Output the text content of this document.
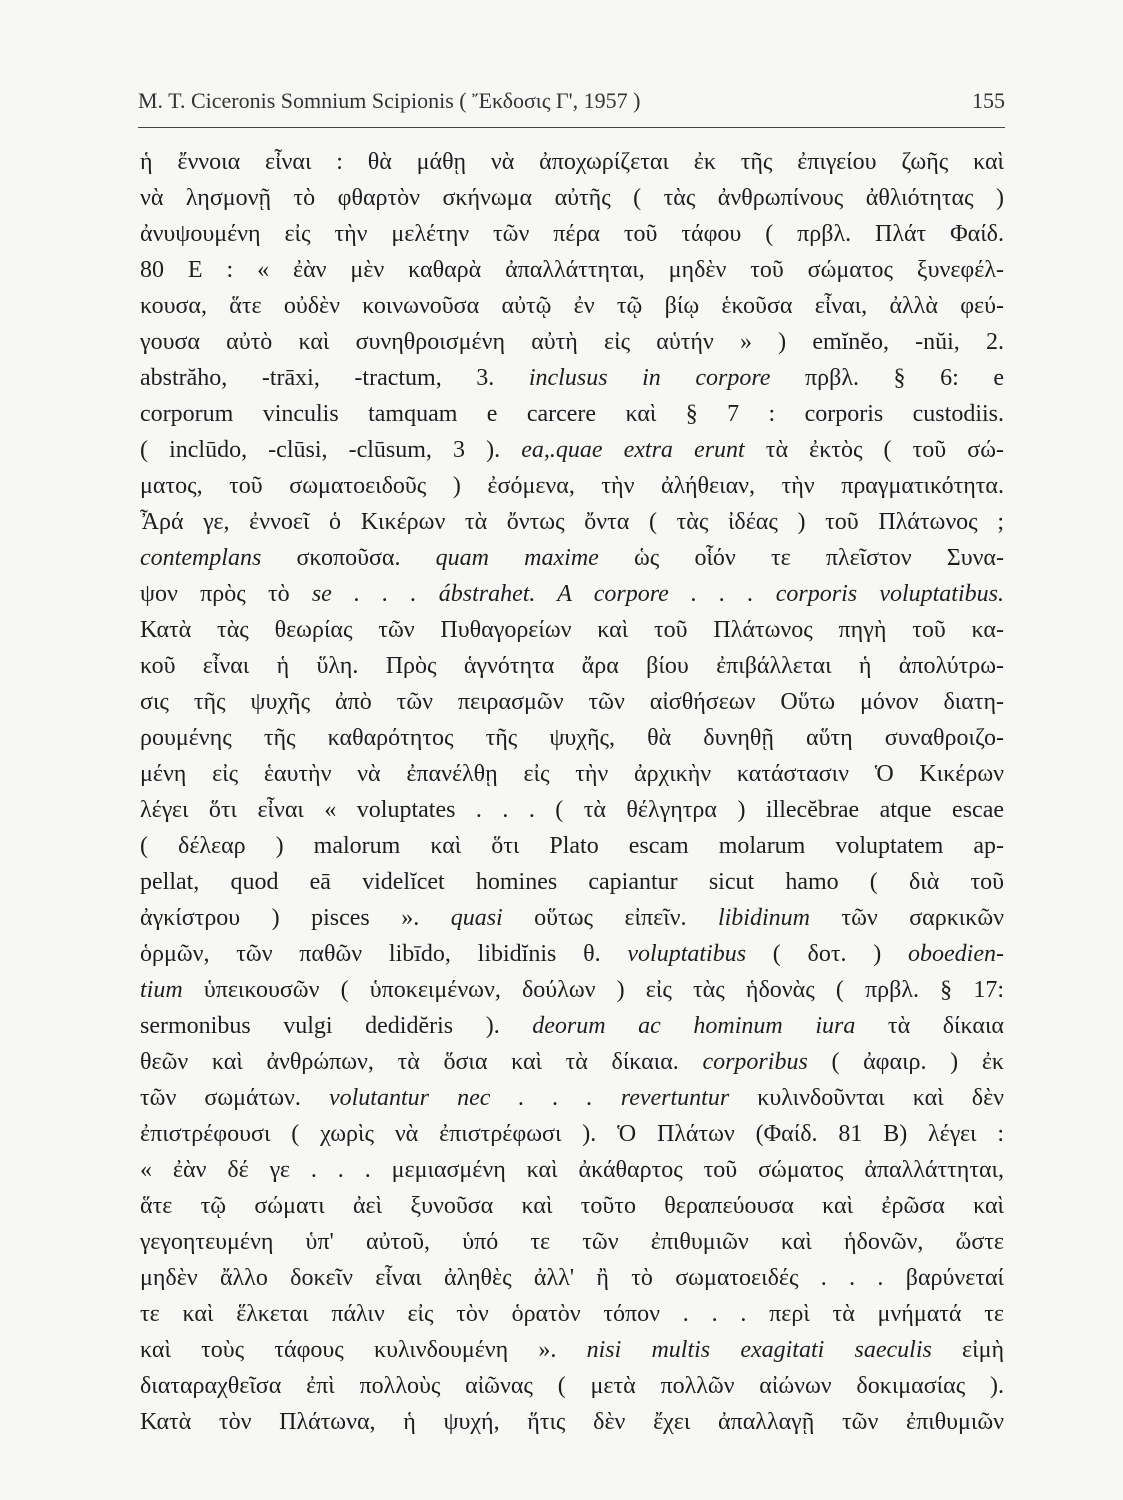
M. T. Ciceronis Somnium Scipionis ( Ἔκδοσις Γ', 1957 )	155
ἡ ἔννοια εἶναι : θὰ μάθῃ νὰ ἀποχωρίζεται ἐκ τῆς ἐπιγείου ζωῆς καὶ
νὰ λησμονῇ τὸ φθαρτὸν σκήνωμα αὐτῆς ( τὰς ἀνθρωπίνους ἀθλιότητας )
ἀνυψουμένη εἰς τὴν μελέτην τῶν πέρα τοῦ τάφου ( πρβλ. Πλάτ Φαίδ.
80 Ε : « ἐὰν μὲν καθαρὰ ἀπαλλάττηται, μηδὲν τοῦ σώματος ξυνεφέλ-
κουσα, ἅτε οὐδὲν κοινωνοῦσα αὐτῷ ἐν τῷ βίῳ ἑκοῦσα εἶναι, ἀλλὰ φεύ-
γουσα αὐτὸ καὶ συνηθροισμένη αὐτὴ εἰς αὑτήν » ) emĭnĕo, -nŭi, 2.
abstrăho, -trāxi, -tractum, 3. inclusus in corpore πρβλ. § 6: e
corporum vinculis tamquam e carcere καὶ § 7 : corporis custodiis.
( inclūdo, -clūsi, -clūsum, 3 ). ea,.quae extra erunt τὰ ἐκτὸς ( τοῦ σώ-
ματος, τοῦ σωματοειδοῦς ) ἐσόμενα, τὴν ἀλήθειαν, τὴν πραγματικότητα.
Ἆρά γε, ἐννοεῖ ὁ Κικέρων τὰ ὄντως ὄντα ( τὰς ἰδέας ) τοῦ Πλάτωνος ;
contemplans σκοποῦσα. quam maxime ὡς οἷόν τε πλεῖστον Συνα-
ψον πρὸς τὸ se . . . ábstrahet. A corpore . . . corporis voluptatibus.
Κατὰ τὰς θεωρίας τῶν Πυθαγορείων καὶ τοῦ Πλάτωνος πηγὴ τοῦ κα-
κοῦ εἶναι ἡ ὕλη. Πρὸς ἁγνότητα ἄρα βίου ἐπιβάλλεται ἡ ἀπολύτρω-
σις τῆς ψυχῆς ἀπὸ τῶν πειρασμῶν τῶν αἰσθήσεων Οὕτω μόνον διατη-
ρουμένης τῆς καθαρότητος τῆς ψυχῆς, θὰ δυνηθῇ αὕτη συναθροιζο-
μένη εἰς ἑαυτὴν νὰ ἐπανέλθῃ εἰς τὴν ἀρχικὴν κατάστασιν Ὁ Κικέρων
λέγει ὅτι εἶναι « voluptates . . . ( τὰ θέλγητρα ) illecĕbrae atque escae
( δέλεαρ ) malorum καὶ ὅτι Plato escam molarum voluptatem ap-
pellat, quod eā videlĭcet homines capiantur sicut hamo ( διὰ τοῦ
ἀγκίστρου ) pisces ». quasi οὕτως εἰπεῖν. libidinum τῶν σαρκικῶν
ὁρμῶν, τῶν παθῶν libīdo, libidĭnis θ. voluptatibus ( δοτ. ) oboedien-
tium ὑπεικουσῶν ( ὑποκειμένων, δούλων ) εἰς τὰς ἡδονὰς ( πρβλ. § 17:
sermonibus vulgi dedidĕris ). deorum ac hominum iura τὰ δίκαια
θεῶν καὶ ἀνθρώπων, τὰ ὅσια καὶ τὰ δίκαια. corporibus ( ἀφαιρ. ) ἐκ
τῶν σωμάτων. volutantur nec . . . revertuntur κυλινδοῦνται καὶ δὲν
ἐπιστρέφουσι ( χωρὶς νὰ ἐπιστρέφωσι ). Ὁ Πλάτων (Φαίδ. 81 Β) λέγει :
« ἐὰν δέ γε . . . μεμιασμένη καὶ ἀκάθαρτος τοῦ σώματος ἀπαλλάττηται,
ἅτε τῷ σώματι ἀεὶ ξυνοῦσα καὶ τοῦτο θεραπεύουσα καὶ ἐρῶσα καὶ
γεγοητευμένη ὑπ' αὐτοῦ, ὑπό τε τῶν ἐπιθυμιῶν καὶ ἡδονῶν, ὥστε
μηδὲν ἄλλο δοκεῖν εἶναι ἀληθὲς ἀλλ' ἢ τὸ σωματοειδές . . . βαρύνεταί
τε καὶ ἕλκεται πάλιν εἰς τὸν ὁρατὸν τόπον . . . περὶ τὰ μνήματά τε
καὶ τοὺς τάφους κυλινδουμένη ». nisi multis exagitati saeculis εἰμὴ
διαταραχθεῖσα ἐπὶ πολλοὺς αἰῶνας ( μετὰ πολλῶν αἰώνων δοκιμασίας ).
Κατὰ τὸν Πλάτωνα, ἡ ψυχή, ἥτις δὲν ἔχει ἀπαλλαγῇ τῶν ἐπιθυμιῶν
